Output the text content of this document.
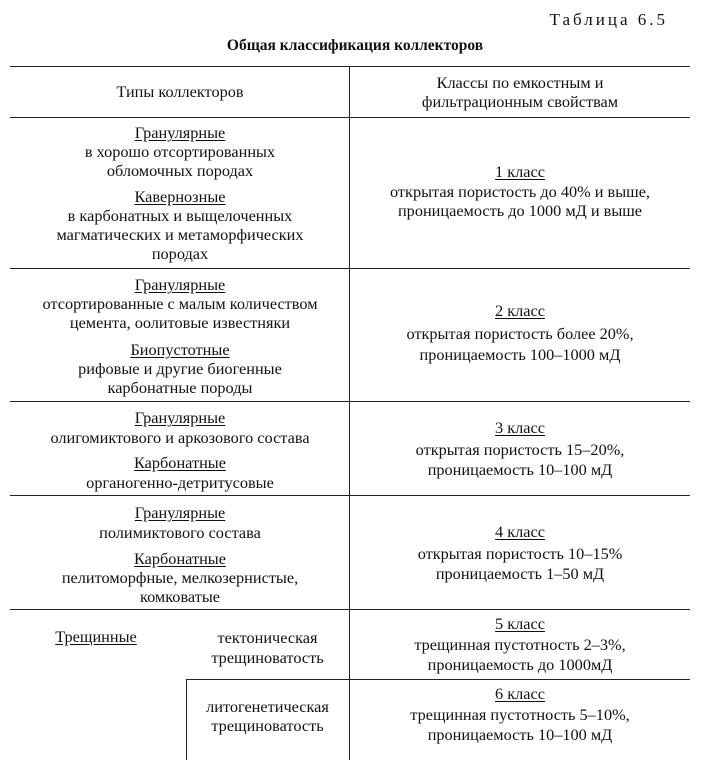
Таблица 6.5
Общая классификация коллекторов
Типы коллекторов	Классы по емкостным и
фильтрационным свойствам
Гранулярные
в хорошо отсортированных
обломочных породах
Кавернозные
в карбонатных и выщелоченных
магматических и метаморфических
породах
1 класс
открытая пористость до 40% и выше,
проницаемость до 1000 мД и выше
Гранулярные
отсортированные с малым количеством
цемента, оолитовые известняки
Биопустотные
рифовые и другие биогенные
карбонатные породы
2 класс
открытая пористость более 20%,
проницаемость 100–1000 мД
Гранулярные
олигомиктового и аркозового состава
Карбонатные
органогенно-детритусовые
3 класс
открытая пористость 15–20%,
проницаемость 10–100 мД
Гранулярные
полимиктового состава
Карбонатные
пелитоморфные, мелкозернистые,
комковатые
4 класс
открытая пористость 10–15%
проницаемость 1–50 мД
Трещинные	тектоническая
трещиноватость
5 класс
трещинная пустотность 2–3%,
проницаемость до 1000мД
литогенетическая
трещиноватость
6 класс
трещинная пустотность 5–10%,
проницаемость 10–100 мД
